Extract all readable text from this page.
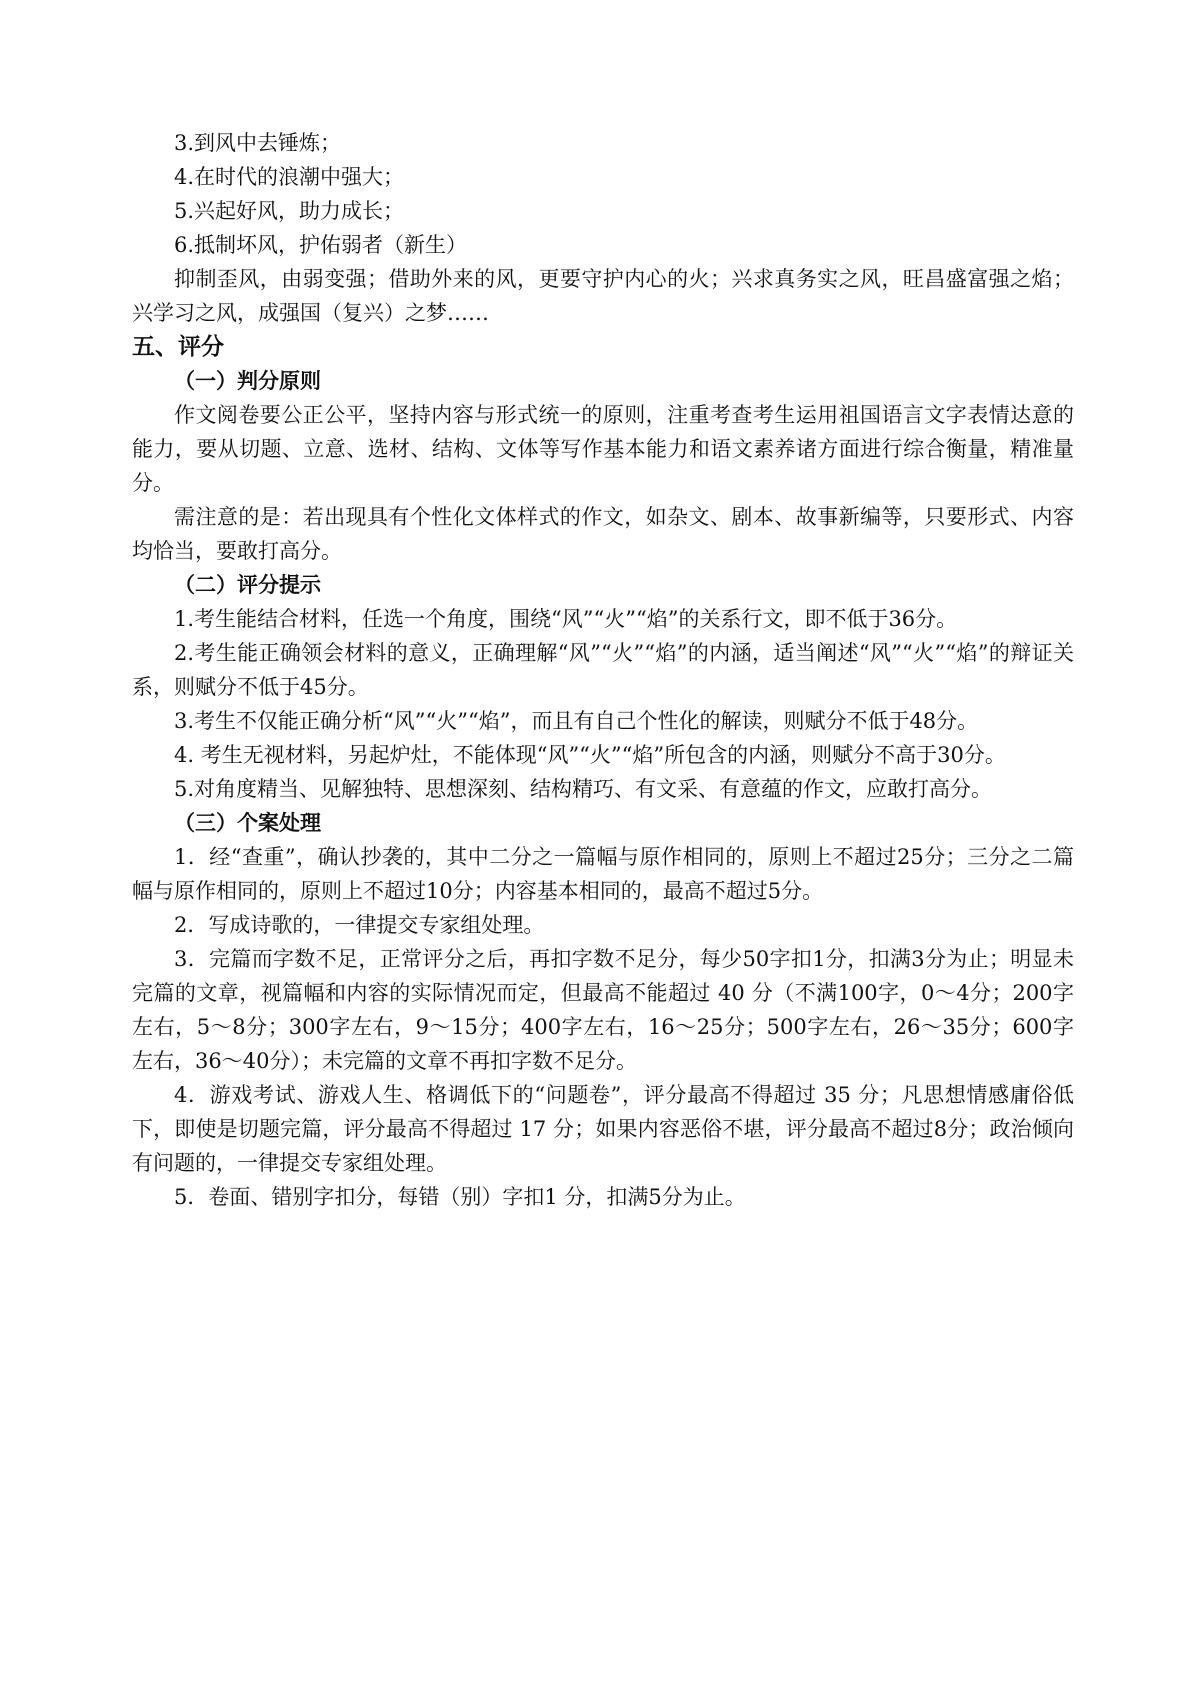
3.到风中去锤炼；

4.在时代的浪潮中强大；

5.兴起好风，助力成长；

6.抵制坏风，护佑弱者（新生）

抑制歪风，由弱变强；借助外来的风，更要守护内心的火；兴求真务实之风，旺昌盛富强之焰；兴学习之风，成强国（复兴）之梦……

五、评分

（一）判分原则

作文阅卷要公正公平，坚持内容与形式统一的原则，注重考查考生运用祖国语言文字表情达意的能力，要从切题、立意、选材、结构、文体等写作基本能力和语文素养诸方面进行综合衡量，精准量分。

需注意的是：若出现具有个性化文体样式的作文，如杂文、剧本、故事新编等，只要形式、内容均恰当，要敢打高分。

（二）评分提示

1.考生能结合材料，任选一个角度，围绕“风”“火”“焰”的关系行文，即不低于36分。

2.考生能正确领会材料的意义，正确理解“风”“火”“焰”的内涵，适当阐述“风”“火”“焰”的辩证关系，则赋分不低于45分。

3.考生不仅能正确分析“风”“火”“焰”，而且有自己个性化的解读，则赋分不低于48分。

4. 考生无视材料，另起炉灶，不能体现“风”“火”“焰”所包含的内涵，则赋分不高于30分。

5.对角度精当、见解独特、思想深刻、结构精巧、有文采、有意蕴的作文，应敢打高分。

（三）个案处理

1．经“查重”，确认抄袭的，其中二分之一篇幅与原作相同的，原则上不超过25分；三分之二篇幅与原作相同的，原则上不超过10分；内容基本相同的，最高不超过5分。

2．写成诗歌的，一律提交专家组处理。

3．完篇而字数不足，正常评分之后，再扣字数不足分，每少50字扣1分，扣满3分为止；明显未完篇的文章，视篇幅和内容的实际情况而定，但最高不能超过 40 分（不满100字，0～4分；200字左右，5～8分；300字左右，9～15分；400字左右，16～25分；500字左右，26～35分；600字左右，36～40分）；未完篇的文章不再扣字数不足分。

4．游戏考试、游戏人生、格调低下的“问题卷”，评分最高不得超过 35 分；凡思想情感庸俗低下，即使是切题完篇，评分最高不得超过 17 分；如果内容恶俗不堪，评分最高不超过8分；政治倾向有问题的，一律提交专家组处理。

5．卷面、错别字扣分，每错（别）字扣1 分，扣满5分为止。
